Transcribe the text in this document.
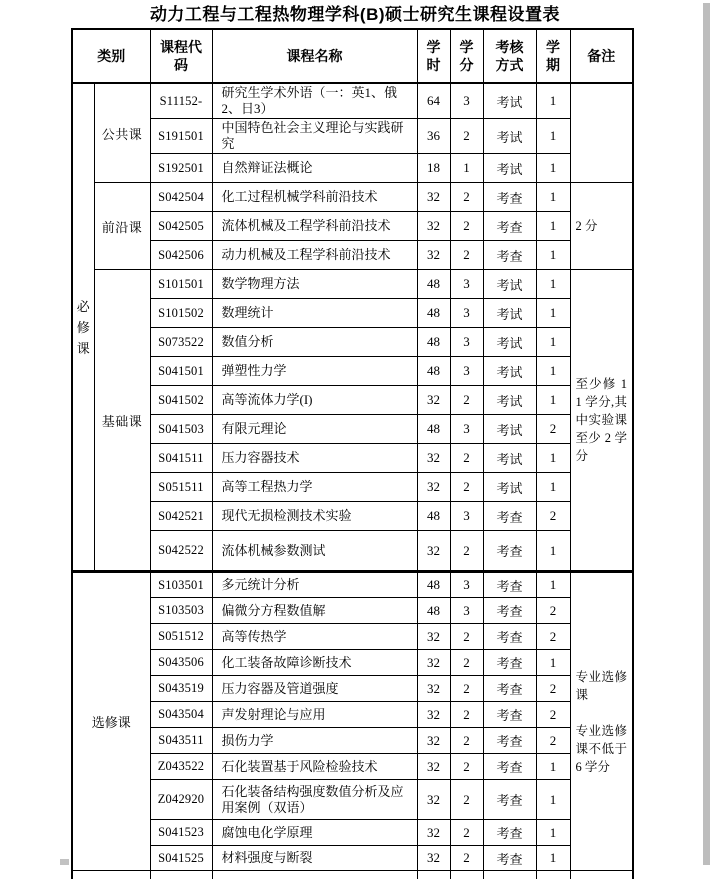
动力工程与工程热物理学科(B)硕士研究生课程设置表
类别		课程代码	课程名称	学时	学分	考核方式	学期	备注

必修课	公共课	S11152-	研究生学术外语（一：英1、俄2、日3）	64	3	考试	1	
		S191501	中国特色社会主义理论与实践研究	36	2	考试	1	
		S192501	自然辩证法概论	18	1	考试	1	
	前沿课	S042504	化工过程机械学科前沿技术	32	2	考查	1	2 分
		S042505	流体机械及工程学科前沿技术	32	2	考查	1	
		S042506	动力机械及工程学科前沿技术	32	2	考查	1	
	基础课	S101501	数学物理方法	48	3	考试	1	至少修 11 学分,其中实验课至少 2 学分

		S101502	数理统计	48	3	考试	1	
		S073522	数值分析	48	3	考试	1	
		S041501	弹塑性力学	48	3	考试	1	
		S041502	高等流体力学(I)	32	2	考试	1	
		S041503	有限元理论	48	3	考试	2	
		S041511	压力容器技术	32	2	考试	1	
		S051511	高等工程热力学	32	2	考试	1	
		S042521	现代无损检测技术实验	48	3	考查	2	
		S042522	流体机械参数测试	32	2	考查	1	
选修课		S103501	多元统计分析	48	3	考查	1	专业选修课
专业选修课不低于 6 学分

		S103503	偏微分方程数值解	48	3	考查	2	
		S051512	高等传热学	32	2	考查	2	
		S043506	化工装备故障诊断技术	32	2	考查	1	
		S043519	压力容器及管道强度	32	2	考查	2	
		S043504	声发射理论与应用	32	2	考查	2	
		S043511	损伤力学	32	2	考查	2	
		Z043522	石化装置基于风险检验技术	32	2	考查	1	
		Z042920	石化装备结构强度数值分析及应用案例（双语）	32	2	考查	1	
		S041523	腐蚀电化学原理	32	2	考查	1	
		S041525	材料强度与断裂	32	2	考查	1	
